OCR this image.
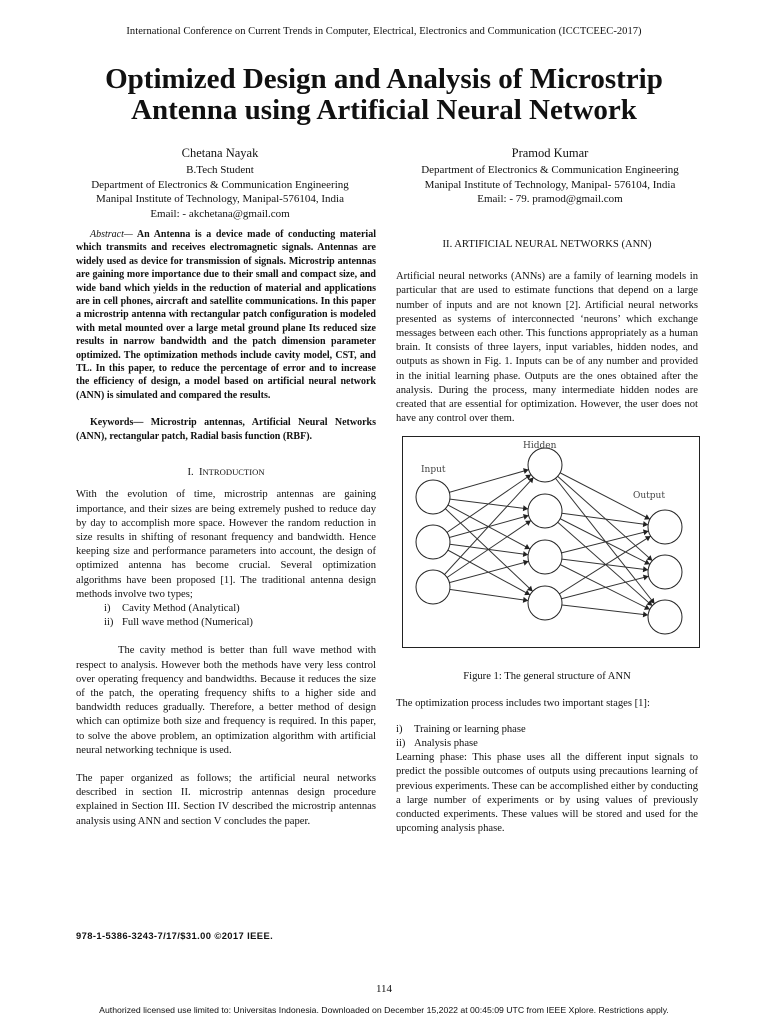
International Conference on Current Trends in Computer, Electrical, Electronics and Communication (ICCTCEEC-2017)
Optimized Design and Analysis of Microstrip Antenna using Artificial Neural Network
Chetana Nayak
B.Tech Student
Department of Electronics & Communication Engineering
Manipal Institute of Technology, Manipal-576104, India
Email: - akchetana@gmail.com
Pramod Kumar
Department of Electronics & Communication Engineering
Manipal Institute of Technology, Manipal- 576104, India
Email: - 79. pramod@gmail.com

Abstract— An Antenna is a device made of conducting material which transmits and receives electromagnetic signals. Antennas are widely used as device for transmission of signals. Microstrip antennas are gaining more importance due to their small and compact size, and wide band which yields in the reduction of material and applications are in cell phones, aircraft and satellite communications. In this paper a microstrip antenna with rectangular patch configuration is modeled with metal mounted over a large metal ground plane Its reduced size results in narrow bandwidth and the patch dimension parameter optimized. The optimization methods include cavity model, CST, and TL. In this paper, to reduce the percentage of error and to increase the efficiency of design, a model based on artificial neural network (ANN) is simulated and compared the results.

Keywords— Microstrip antennas, Artificial Neural Networks (ANN), rectangular patch, Radial basis function (RBF).

I. INTRODUCTION

With the evolution of time, microstrip antennas are gaining importance, and their sizes are being extremely pushed to reduce day by day to accomplish more space. However the random reduction in size results in shifting of resonant frequency and bandwidth. Hence keeping size and performance parameters into account, the design of optimized antenna has become crucial. Several optimization algorithms have been proposed [1]. The traditional antenna design methods involve two types;

i)	Cavity Method (Analytical)
ii) Full wave method (Numerical)

The cavity method is better than full wave method with respect to analysis. However both the methods have very less control over operating frequency and bandwidths. Because it reduces the size of the patch, the operating frequency shifts to a higher side and bandwidth reduces gradually. Therefore, a better method of design which can optimize both size and frequency is required. In this paper, to solve the above problem, an optimization algorithm with artificial neural networking technique is used.

The paper organized as follows; the artificial neural networks described in section II. microstrip antennas design procedure explained in Section III. Section IV described the microstrip antennas analysis using ANN and section V concludes the paper.

II. ARTIFICIAL NEURAL NETWORKS (ANN)

Artificial neural networks (ANNs) are a family of learning models in particular that are used to estimate functions that depend on a large number of inputs and are not known [2]. Artificial neural networks presented as systems of interconnected ‘neurons’ which exchange messages between each other. This functions appropriately as a human brain. It consists of three layers, input variables, hidden nodes, and outputs as shown in Fig. 1. Inputs can be of any number and provided in the initial learning phase. Outputs are the ones obtained after the analysis. During the process, many intermediate hidden nodes are created that are essential for optimization. However, the user does not have any control over them.

Input
Hidden
Output
Figure 1: The general structure of ANN

The optimization process includes two important stages [1]:

i)	Training or learning phase
ii) Analysis phase

Learning phase: This phase uses all the different input signals to predict the possible outcomes of outputs using precautions learning of previous experiments. These can be accomplished either by conducting a large number of experiments or by using values of previously conducted experiments. These values will be stored and used for the upcoming analysis phase.

978-1-5386-3243-7/17/$31.00 ©2017 IEEE.
114
Authorized licensed use limited to: Universitas Indonesia. Downloaded on December 15,2022 at 00:45:09 UTC from IEEE Xplore. Restrictions apply.
